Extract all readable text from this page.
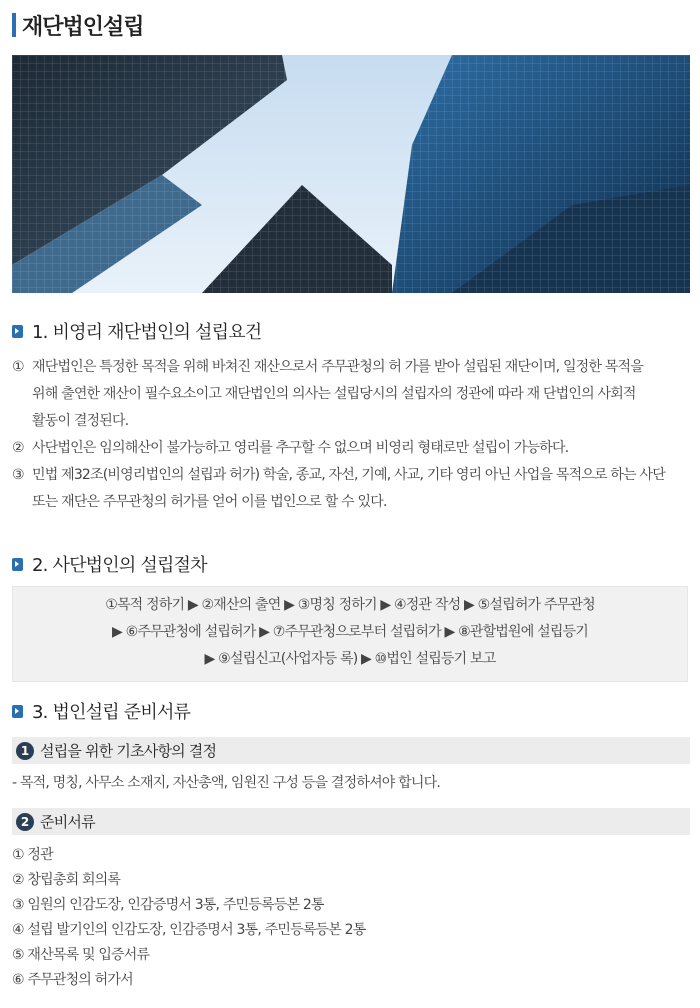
재단법인설립
1. 비영리 재단법인의 설립요건
① 재단법인은 특정한 목적을 위해 바쳐진 재산으로서 주무관청의 허 가를 받아 설립된 재단이며, 일정한 목적을
위해 출연한 재산이 필수요소이고 재단법인의 의사는 설립당시의 설립자의 정관에 따라 재 단법인의 사회적
활동이 결정된다.
② 사단법인은 임의해산이 불가능하고 영리를 추구할 수 없으며 비영리 형태로만 설립이 가능하다.
③ 민법 제32조(비영리법인의 설립과 허가) 학술, 종교, 자선, 기예, 사교, 기타 영리 아닌 사업을 목적으로 하는 사단
또는 재단은 주무관청의 허가를 얻어 이를 법인으로 할 수 있다.
2. 사단법인의 설립절차
①목적 정하기 ▶ ②재산의 출연 ▶ ③명칭 정하기 ▶ ④정관 작성 ▶ ⑤설립허가 주무관청
▶ ⑥주무관청에 설립허가 ▶ ⑦주무관청으로부터 설립허가 ▶ ⑧관할법원에 설립등기
▶ ⑨설립신고(사업자등 록) ▶ ⑩법인 설립등기 보고
3. 법인설립 준비서류
1 설립을 위한 기초사항의 결정
- 목적, 명칭, 사무소 소재지, 자산총액, 임원진 구성 등을 결정하셔야 합니다.
2 준비서류
① 정관
② 창립총회 회의록
③ 임원의 인감도장, 인감증명서 3통, 주민등록등본 2통
④ 설립 발기인의 인감도장, 인감증명서 3통, 주민등록등본 2통
⑤ 재산목록 및 입증서류
⑥ 주무관청의 허가서
